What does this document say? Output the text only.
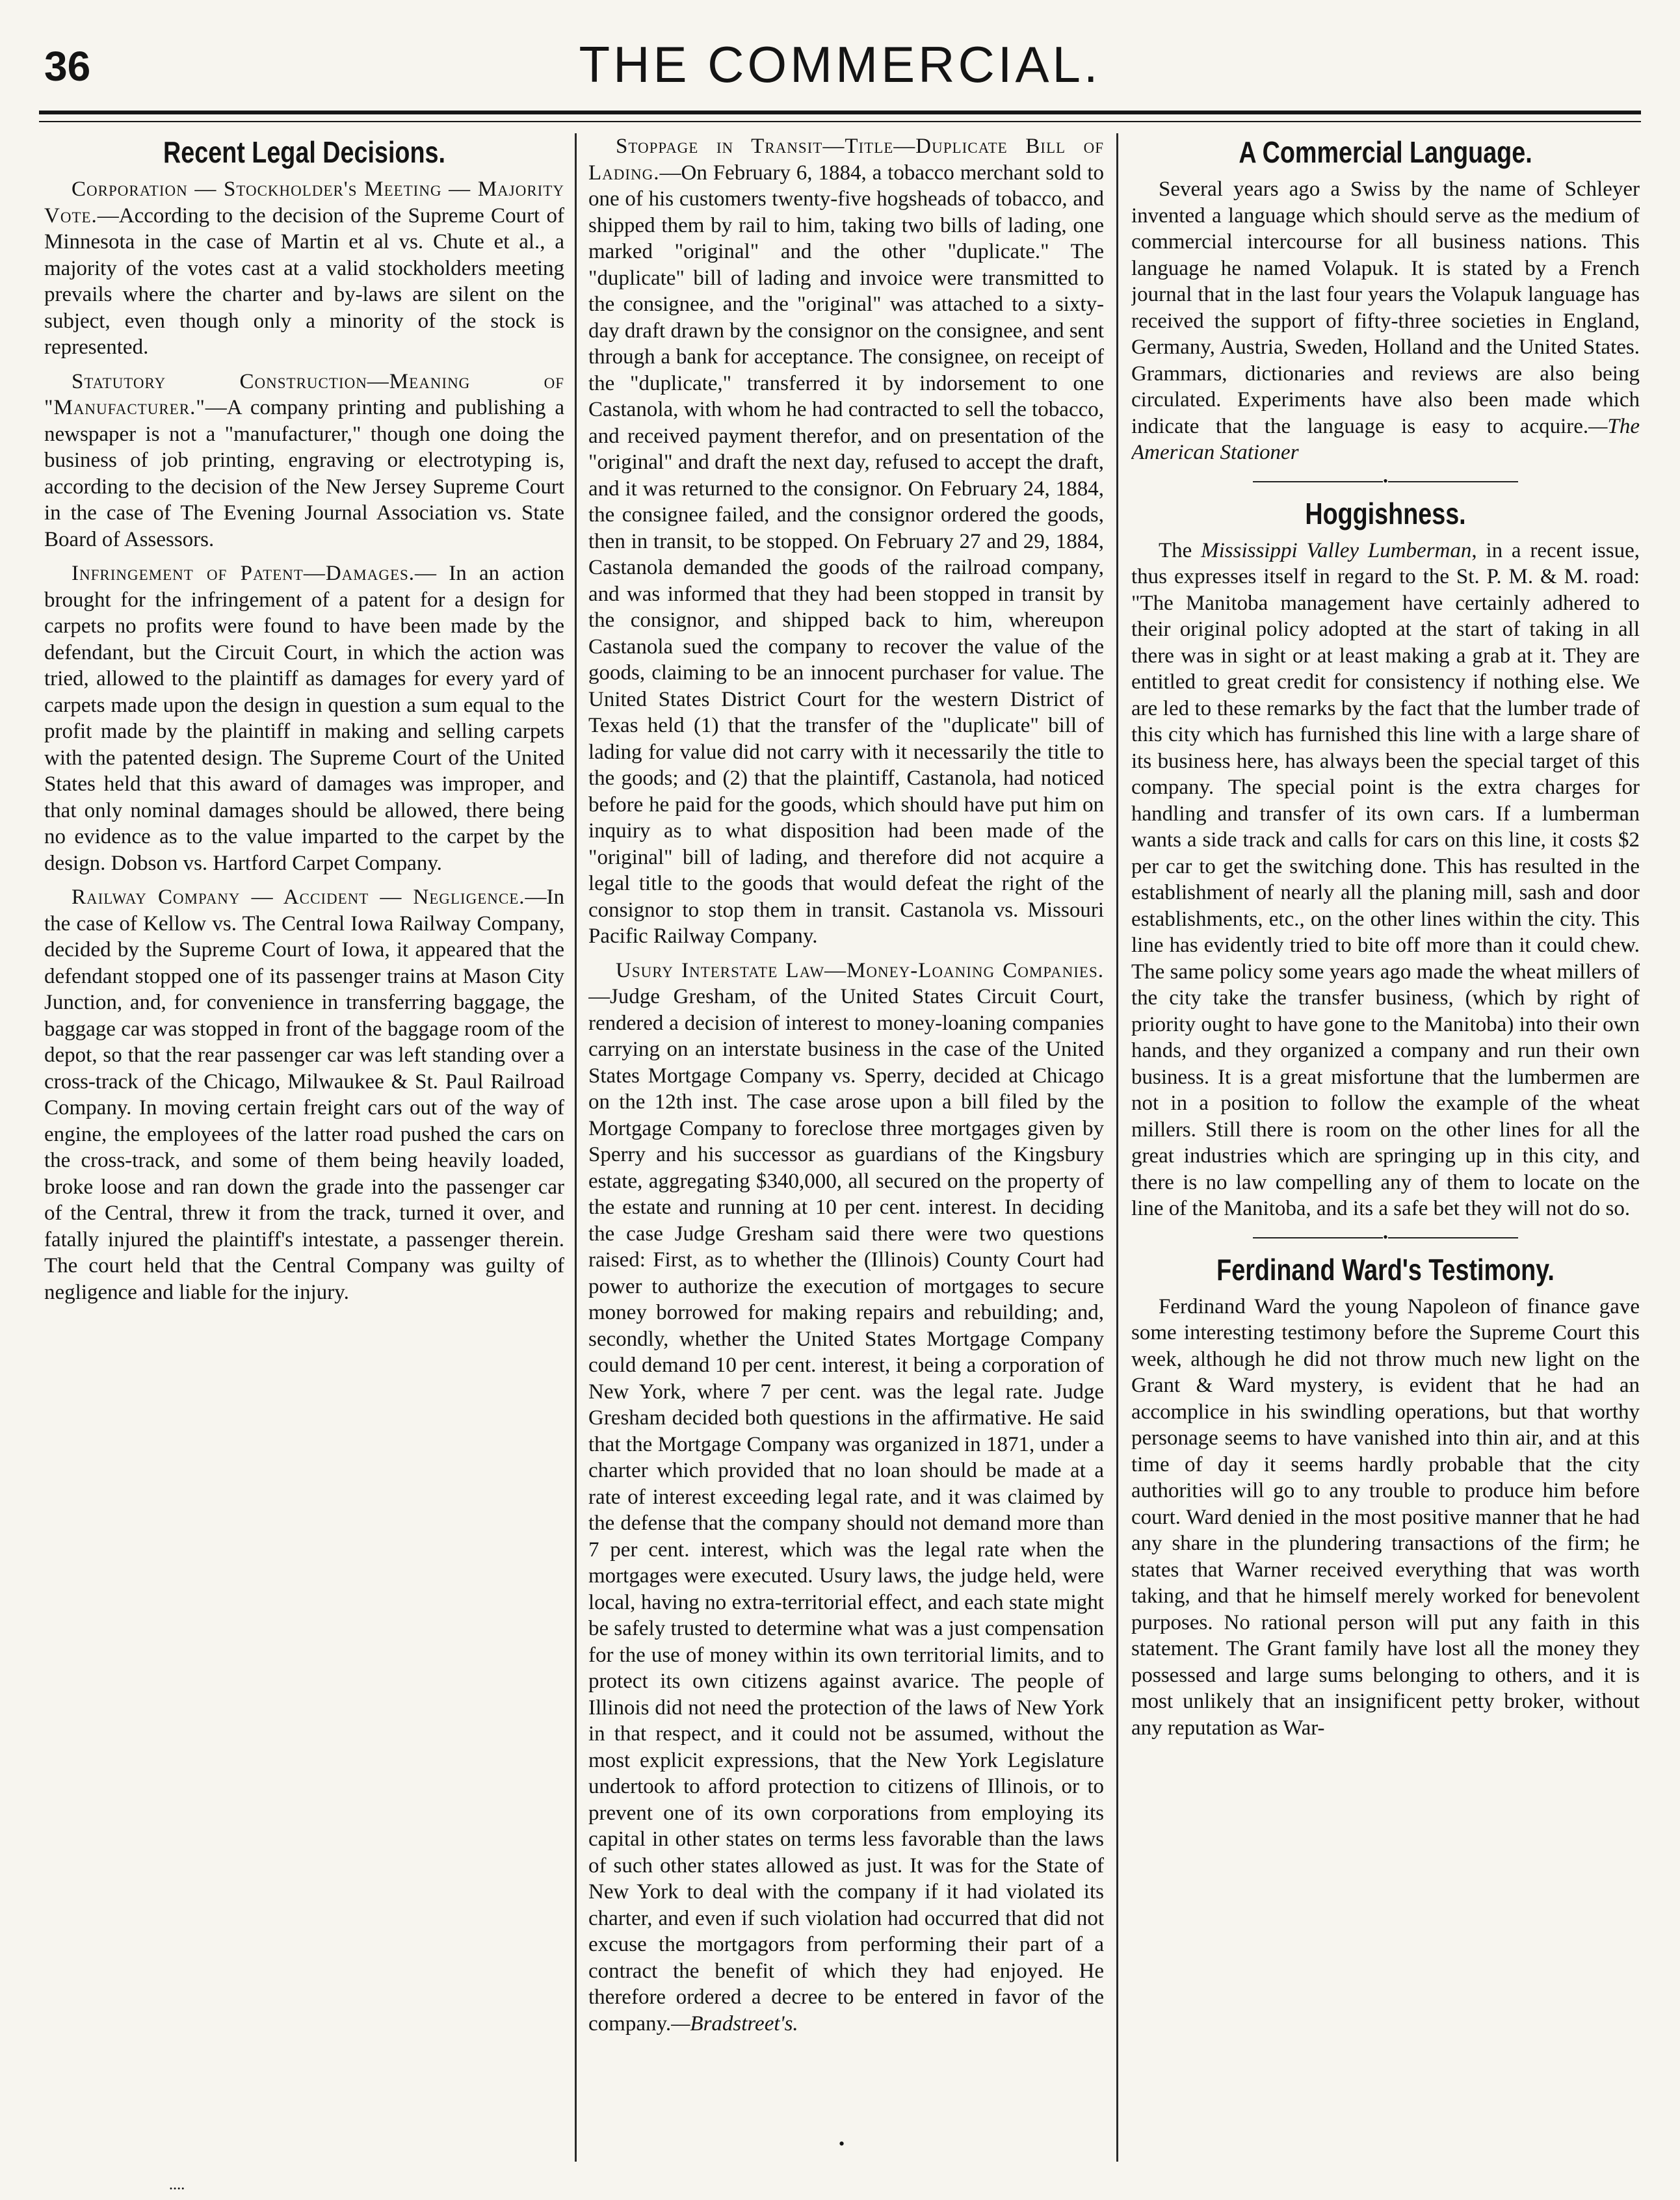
36	THE COMMERCIAL.
Recent Legal Decisions.

Corporation — Stockholder's Meeting — Majority Vote.—According to the decision of the Supreme Court of Minnesota in the case of Martin et al vs. Chute et al., a majority of the votes cast at a valid stockholders meeting prevails where the charter and by-laws are silent on the subject, even though only a minority of the stock is represented.

Statutory Construction—Meaning of "Manufacturer."—A company printing and publishing a newspaper is not a "manufacturer," though one doing the business of job printing, engraving or electrotyping is, according to the decision of the New Jersey Supreme Court in the case of The Evening Journal Association vs. State Board of Assessors.

Infringement of Patent—Damages.— In an action brought for the infringement of a patent for a design for carpets no profits were found to have been made by the defendant, but the Circuit Court, in which the action was tried, allowed to the plaintiff as damages for every yard of carpets made upon the design in question a sum equal to the profit made by the plaintiff in making and selling carpets with the patented design. The Supreme Court of the United States held that this award of damages was improper, and that only nominal damages should be allowed, there being no evidence as to the value imparted to the carpet by the design. Dobson vs. Hartford Carpet Company.

Railway Company — Accident — Negligence.—In the case of Kellow vs. The Central Iowa Railway Company, decided by the Supreme Court of Iowa, it appeared that the defendant stopped one of its passenger trains at Mason City Junction, and, for convenience in transferring baggage, the baggage car was stopped in front of the baggage room of the depot, so that the rear passenger car was left standing over a cross-track of the Chicago, Milwaukee & St. Paul Railroad Company. In moving certain freight cars out of the way of engine, the employees of the latter road pushed the cars on the cross-track, and some of them being heavily loaded, broke loose and ran down the grade into the passenger car of the Central, threw it from the track, turned it over, and fatally injured the plaintiff's intestate, a passenger therein. The court held that the Central Company was guilty of negligence and liable for the injury.

Stoppage in Transit—Title—Duplicate Bill of Lading.—On February 6, 1884, a tobacco merchant sold to one of his customers twenty-five hogsheads of tobacco, and shipped them by rail to him, taking two bills of lading, one marked "original" and the other "duplicate." The "duplicate" bill of lading and invoice were transmitted to the consignee, and the "original" was attached to a sixty-day draft drawn by the consignor on the consignee, and sent through a bank for acceptance. The consignee, on receipt of the "duplicate," transferred it by indorsement to one Castanola, with whom he had contracted to sell the tobacco, and received payment therefor, and on presentation of the "original" and draft the next day, refused to accept the draft, and it was returned to the consignor. On February 24, 1884, the consignee failed, and the consignor ordered the goods, then in transit, to be stopped. On February 27 and 29, 1884, Castanola demanded the goods of the railroad company, and was informed that they had been stopped in transit by the consignor, and shipped back to him, whereupon Castanola sued the company to recover the value of the goods, claiming to be an innocent purchaser for value. The United States District Court for the western District of Texas held (1) that the transfer of the "duplicate" bill of lading for value did not carry with it necessarily the title to the goods; and (2) that the plaintiff, Castanola, had noticed before he paid for the goods, which should have put him on inquiry as to what disposition had been made of the "original" bill of lading, and therefore did not acquire a legal title to the goods that would defeat the right of the consignor to stop them in transit. Castanola vs. Missouri Pacific Railway Company.

Usury Interstate Law—Money-Loaning Companies.—Judge Gresham, of the United States Circuit Court, rendered a decision of interest to money-loaning companies carrying on an interstate business in the case of the United States Mortgage Company vs. Sperry, decided at Chicago on the 12th inst. The case arose upon a bill filed by the Mortgage Company to foreclose three mortgages given by Sperry and his successor as guardians of the Kingsbury estate, aggregating $340,000, all secured on the property of the estate and running at 10 per cent. interest. In deciding the case Judge Gresham said there were two questions raised: First, as to whether the (Illinois) County Court had power to authorize the execution of mortgages to secure money borrowed for making repairs and rebuilding; and, secondly, whether the United States Mortgage Company could demand 10 per cent. interest, it being a corporation of New York, where 7 per cent. was the legal rate. Judge Gresham decided both questions in the affirmative. He said that the Mortgage Company was organized in 1871, under a charter which provided that no loan should be made at a rate of interest exceeding legal rate, and it was claimed by the defense that the company should not demand more than 7 per cent. interest, which was the legal rate when the mortgages were executed. Usury laws, the judge held, were local, having no extra-territorial effect, and each state might be safely trusted to determine what was a just compensation for the use of money within its own territorial limits, and to protect its own citizens against avarice. The people of Illinois did not need the protection of the laws of New York in that respect, and it could not be assumed, without the most explicit expressions, that the New York Legislature undertook to afford protection to citizens of Illinois, or to prevent one of its own corporations from employing its capital in other states on terms less favorable than the laws of such other states allowed as just. It was for the State of New York to deal with the company if it had violated its charter, and even if such violation had occurred that did not excuse the mortgagors from performing their part of a contract the benefit of which they had enjoyed. He therefore ordered a decree to be entered in favor of the company.—Bradstreet's.

A Commercial Language.

Several years ago a Swiss by the name of Schleyer invented a language which should serve as the medium of commercial intercourse for all business nations. This language he named Volapuk. It is stated by a French journal that in the last four years the Volapuk language has received the support of fifty-three societies in England, Germany, Austria, Sweden, Holland and the United States. Grammars, dictionaries and reviews are also being circulated. Experiments have also been made which indicate that the language is easy to acquire.—The American Stationer

•
Hoggishness.

The Mississippi Valley Lumberman, in a recent issue, thus expresses itself in regard to the St. P. M. & M. road: "The Manitoba management have certainly adhered to their original policy adopted at the start of taking in all there was in sight or at least making a grab at it. They are entitled to great credit for consistency if nothing else. We are led to these remarks by the fact that the lumber trade of this city which has furnished this line with a large share of its business here, has always been the special target of this company. The special point is the extra charges for handling and transfer of its own cars. If a lumberman wants a side track and calls for cars on this line, it costs $2 per car to get the switching done. This has resulted in the establishment of nearly all the planing mill, sash and door establishments, etc., on the other lines within the city. This line has evidently tried to bite off more than it could chew. The same policy some years ago made the wheat millers of the city take the transfer business, (which by right of priority ought to have gone to the Manitoba) into their own hands, and they organized a company and run their own business. It is a great misfortune that the lumbermen are not in a position to follow the example of the wheat millers. Still there is room on the other lines for all the great industries which are springing up in this city, and there is no law compelling any of them to locate on the line of the Manitoba, and its a safe bet they will not do so.

•
Ferdinand Ward's Testimony.

Ferdinand Ward the young Napoleon of finance gave some interesting testimony before the Supreme Court this week, although he did not throw much new light on the Grant & Ward mystery, is evident that he had an accomplice in his swindling operations, but that worthy personage seems to have vanished into thin air, and at this time of day it seems hardly probable that the city authorities will go to any trouble to produce him before court. Ward denied in the most positive manner that he had any share in the plundering transactions of the firm; he states that Warner received everything that was worth taking, and that he himself merely worked for benevolent purposes. No rational person will put any faith in this statement. The Grant family have lost all the money they possessed and large sums belonging to others, and it is most unlikely that an insignificent petty broker, without any reputation as War-

•
᠁
